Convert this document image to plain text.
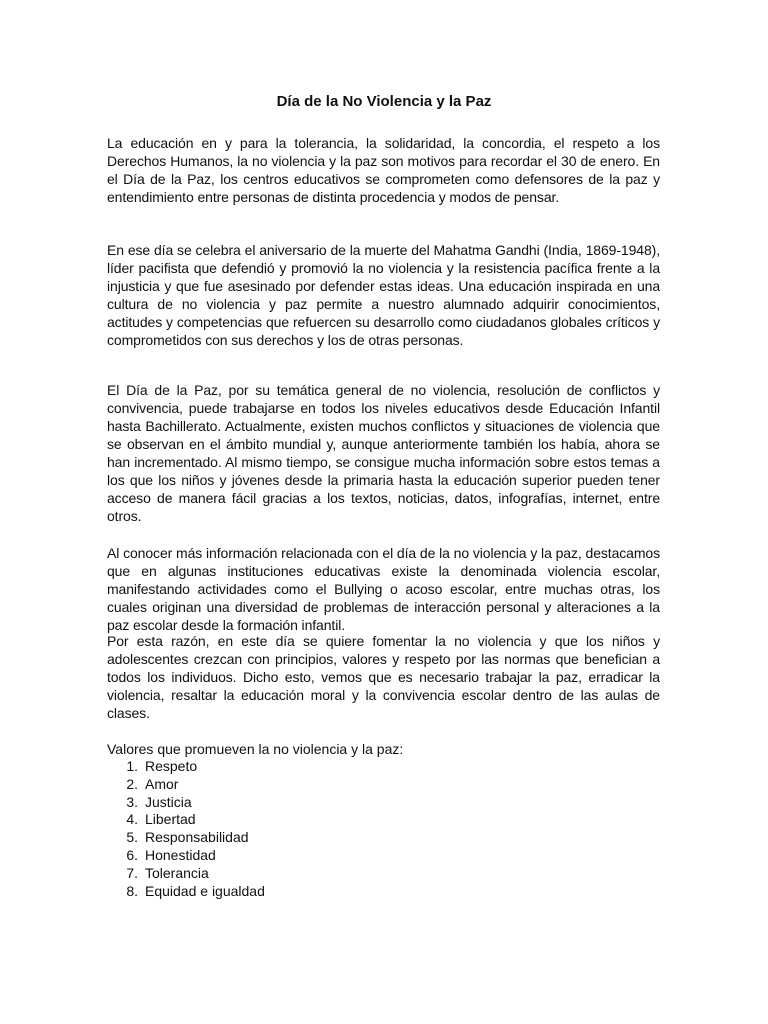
Día de la No Violencia y la Paz

La educación en y para la tolerancia, la solidaridad, la concordia, el respeto a los Derechos Humanos, la no violencia y la paz son motivos para recordar el 30 de enero. En el Día de la Paz, los centros educativos se comprometen como defensores de la paz y entendimiento entre personas de distinta procedencia y modos de pensar.

En ese día se celebra el aniversario de la muerte del Mahatma Gandhi (India, 1869-1948), líder pacifista que defendió y promovió la no violencia y la resistencia pacífica frente a la injusticia y que fue asesinado por defender estas ideas. Una educación inspirada en una cultura de no violencia y paz permite a nuestro alumnado adquirir conocimientos, actitudes y competencias que refuercen su desarrollo como ciudadanos globales críticos y comprometidos con sus derechos y los de otras personas.

El Día de la Paz, por su temática general de no violencia, resolución de conflictos y convivencia, puede trabajarse en todos los niveles educativos desde Educación Infantil hasta Bachillerato. Actualmente, existen muchos conflictos y situaciones de violencia que se observan en el ámbito mundial y, aunque anteriormente también los había, ahora se han incrementado. Al mismo tiempo, se consigue mucha información sobre estos temas a los que los niños y jóvenes desde la primaria hasta la educación superior pueden tener acceso de manera fácil gracias a los textos, noticias, datos, infografías, internet, entre otros.

Al conocer más información relacionada con el día de la no violencia y la paz, destacamos que en algunas instituciones educativas existe la denominada violencia escolar, manifestando actividades como el Bullying o acoso escolar, entre muchas otras, los cuales originan una diversidad de problemas de interacción personal y alteraciones a la paz escolar desde la formación infantil.

Por esta razón, en este día se quiere fomentar la no violencia y que los niños y adolescentes crezcan con principios, valores y respeto por las normas que benefician a todos los individuos. Dicho esto, vemos que es necesario trabajar la paz, erradicar la violencia, resaltar la educación moral y la convivencia escolar dentro de las aulas de clases.

Valores que promueven la no violencia y la paz:

1. Respeto
2. Amor
3. Justicia
4. Libertad
5. Responsabilidad
6. Honestidad
7. Tolerancia
8. Equidad e igualdad
